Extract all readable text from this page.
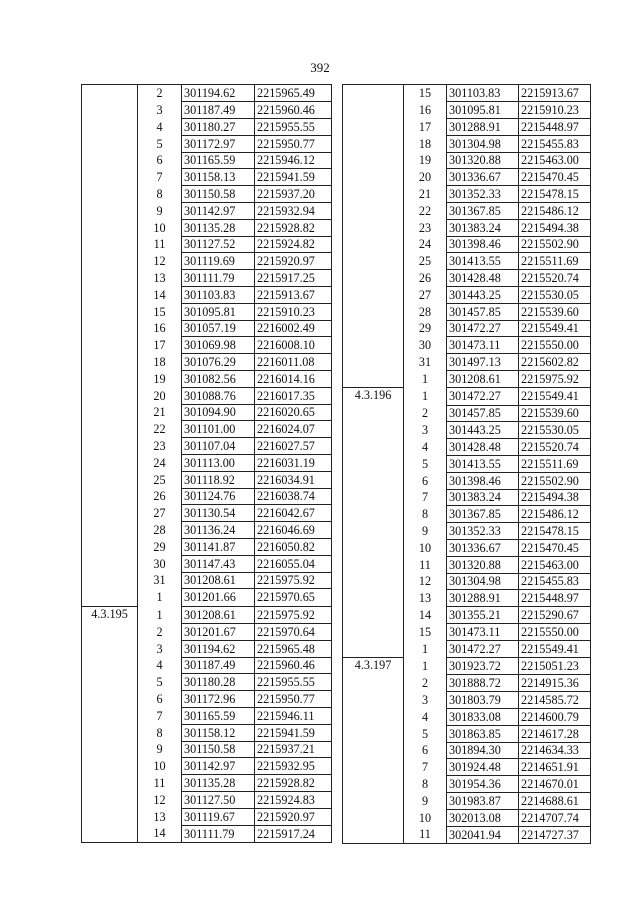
392
	2	301194.62	2215965.49
	3	301187.49	2215960.46
	4	301180.27	2215955.55
	5	301172.97	2215950.77
	6	301165.59	2215946.12
	7	301158.13	2215941.59
	8	301150.58	2215937.20
	9	301142.97	2215932.94
	10	301135.28	2215928.82
	11	301127.52	2215924.82
	12	301119.69	2215920.97
	13	301111.79	2215917.25
	14	301103.83	2215913.67
	15	301095.81	2215910.23
	16	301057.19	2216002.49
	17	301069.98	2216008.10
	18	301076.29	2216011.08
	19	301082.56	2216014.16
	20	301088.76	2216017.35
	21	301094.90	2216020.65
	22	301101.00	2216024.07
	23	301107.04	2216027.57
	24	301113.00	2216031.19
	25	301118.92	2216034.91
	26	301124.76	2216038.74
	27	301130.54	2216042.67
	28	301136.24	2216046.69
	29	301141.87	2216050.82
	30	301147.43	2216055.04
	31	301208.61	2215975.92
	1	301201.66	2215970.65
4.3.195	1	301208.61	2215975.92
	2	301201.67	2215970.64
	3	301194.62	2215965.48
	4	301187.49	2215960.46
	5	301180.28	2215955.55
	6	301172.96	2215950.77
	7	301165.59	2215946.11
	8	301158.12	2215941.59
	9	301150.58	2215937.21
	10	301142.97	2215932.95
	11	301135.28	2215928.82
	12	301127.50	2215924.83
	13	301119.67	2215920.97
	14	301111.79	2215917.24
	15	301103.83	2215913.67
	16	301095.81	2215910.23
	17	301288.91	2215448.97
	18	301304.98	2215455.83
	19	301320.88	2215463.00
	20	301336.67	2215470.45
	21	301352.33	2215478.15
	22	301367.85	2215486.12
	23	301383.24	2215494.38
	24	301398.46	2215502.90
	25	301413.55	2215511.69
	26	301428.48	2215520.74
	27	301443.25	2215530.05
	28	301457.85	2215539.60
	29	301472.27	2215549.41
	30	301473.11	2215550.00
	31	301497.13	2215602.82
	1	301208.61	2215975.92
4.3.196	1	301472.27	2215549.41
	2	301457.85	2215539.60
	3	301443.25	2215530.05
	4	301428.48	2215520.74
	5	301413.55	2215511.69
	6	301398.46	2215502.90
	7	301383.24	2215494.38
	8	301367.85	2215486.12
	9	301352.33	2215478.15
	10	301336.67	2215470.45
	11	301320.88	2215463.00
	12	301304.98	2215455.83
	13	301288.91	2215448.97
	14	301355.21	2215290.67
	15	301473.11	2215550.00
	1	301472.27	2215549.41
4.3.197	1	301923.72	2215051.23
	2	301888.72	2214915.36
	3	301803.79	2214585.72
	4	301833.08	2214600.79
	5	301863.85	2214617.28
	6	301894.30	2214634.33
	7	301924.48	2214651.91
	8	301954.36	2214670.01
	9	301983.87	2214688.61
	10	302013.08	2214707.74
	11	302041.94	2214727.37
